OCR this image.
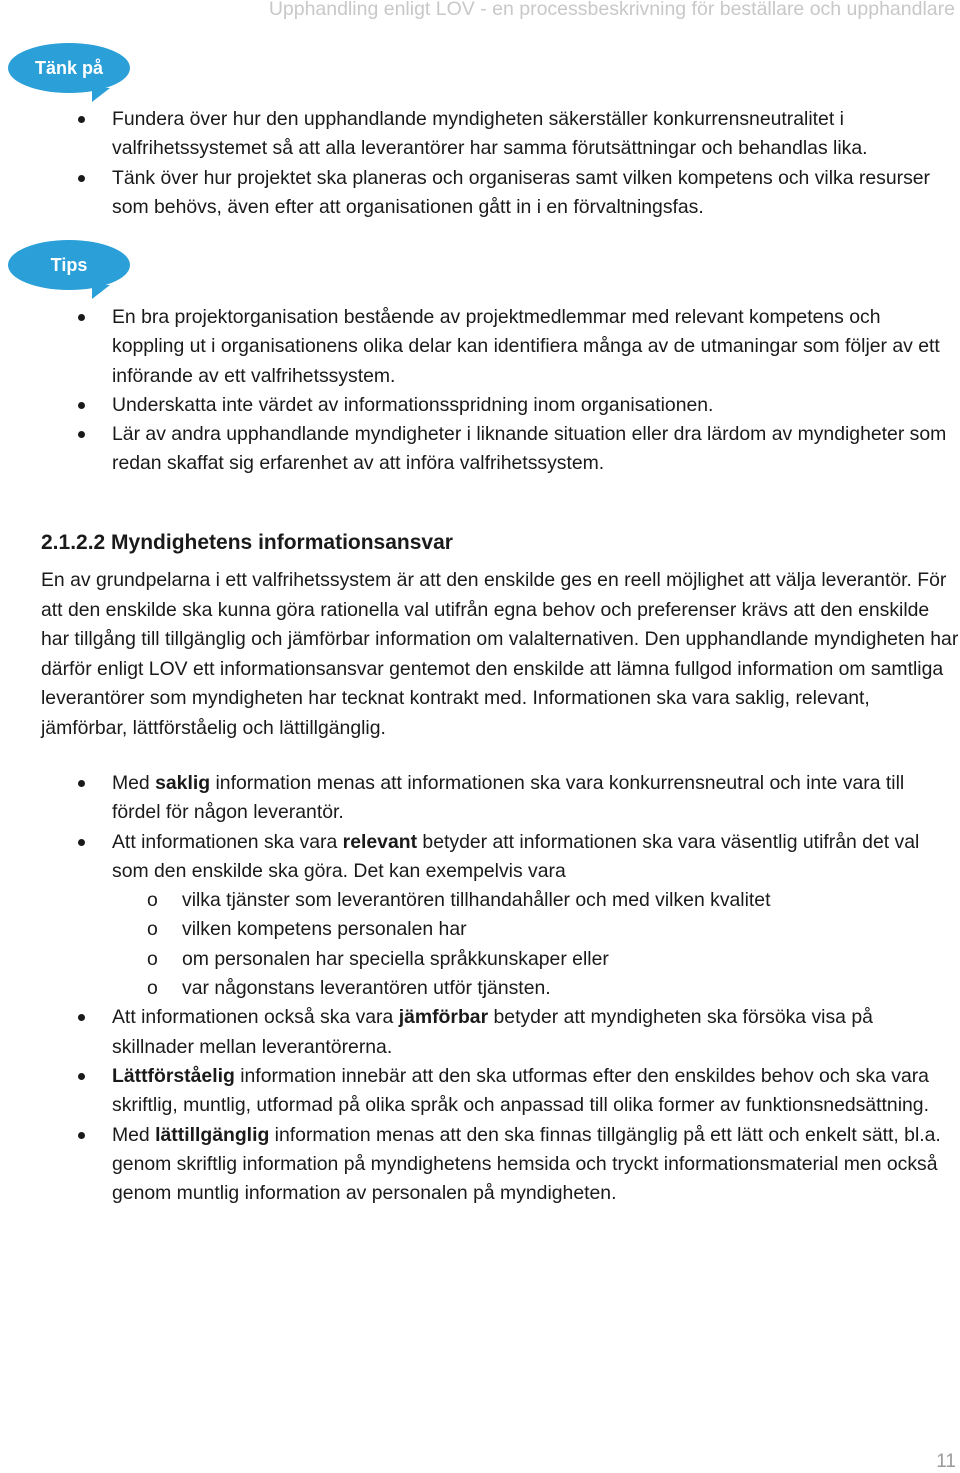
Upphandling enligt LOV - en processbeskrivning för beställare och upphandlare
Tänk på
Fundera över hur den upphandlande myndigheten säkerställer konkurrensneutralitet i valfrihetssystemet så att alla leverantörer har samma förutsättningar och behandlas lika.
Tänk över hur projektet ska planeras och organiseras samt vilken kompetens och vilka resurser som behövs, även efter att organisationen gått in i en förvaltningsfas.
Tips
En bra projektorganisation bestående av projektmedlemmar med relevant kompetens och koppling ut i organisationens olika delar kan identifiera många av de utmaningar som följer av ett införande av ett valfrihetssystem.
Underskatta inte värdet av informationsspridning inom organisationen.
Lär av andra upphandlande myndigheter i liknande situation eller dra lärdom av myndigheter som redan skaffat sig erfarenhet av att införa valfrihetssystem.
2.1.2.2 Myndighetens informationsansvar

En av grundpelarna i ett valfrihetssystem är att den enskilde ges en reell möjlighet att välja leverantör. För att den enskilde ska kunna göra rationella val utifrån egna behov och preferenser krävs att den enskilde har tillgång till tillgänglig och jämförbar information om valalternativen. Den upphandlande myndigheten har därför enligt LOV ett informationsansvar gentemot den enskilde att lämna fullgod information om samtliga leverantörer som myndigheten har tecknat kontrakt med. Informationen ska vara saklig, relevant, jämförbar, lättförståelig och lättillgänglig.

Med saklig information menas att informationen ska vara konkurrensneutral och inte vara till fördel för någon leverantör.
Att informationen ska vara relevant betyder att informationen ska vara väsentlig utifrån det val som den enskilde ska göra. Det kan exempelvis vara
o vilka tjänster som leverantören tillhandahåller och med vilken kvalitet
o vilken kompetens personalen har
o om personalen har speciella språkkunskaper eller
o var någonstans leverantören utför tjänsten.
Att informationen också ska vara jämförbar betyder att myndigheten ska försöka visa på skillnader mellan leverantörerna.
Lättförståelig information innebär att den ska utformas efter den enskildes behov och ska vara skriftlig, muntlig, utformad på olika språk och anpassad till olika former av funktionsnedsättning.
Med lättillgänglig information menas att den ska finnas tillgänglig på ett lätt och enkelt sätt, bl.a. genom skriftlig information på myndighetens hemsida och tryckt informationsmaterial men också genom muntlig information av personalen på myndigheten.
11
